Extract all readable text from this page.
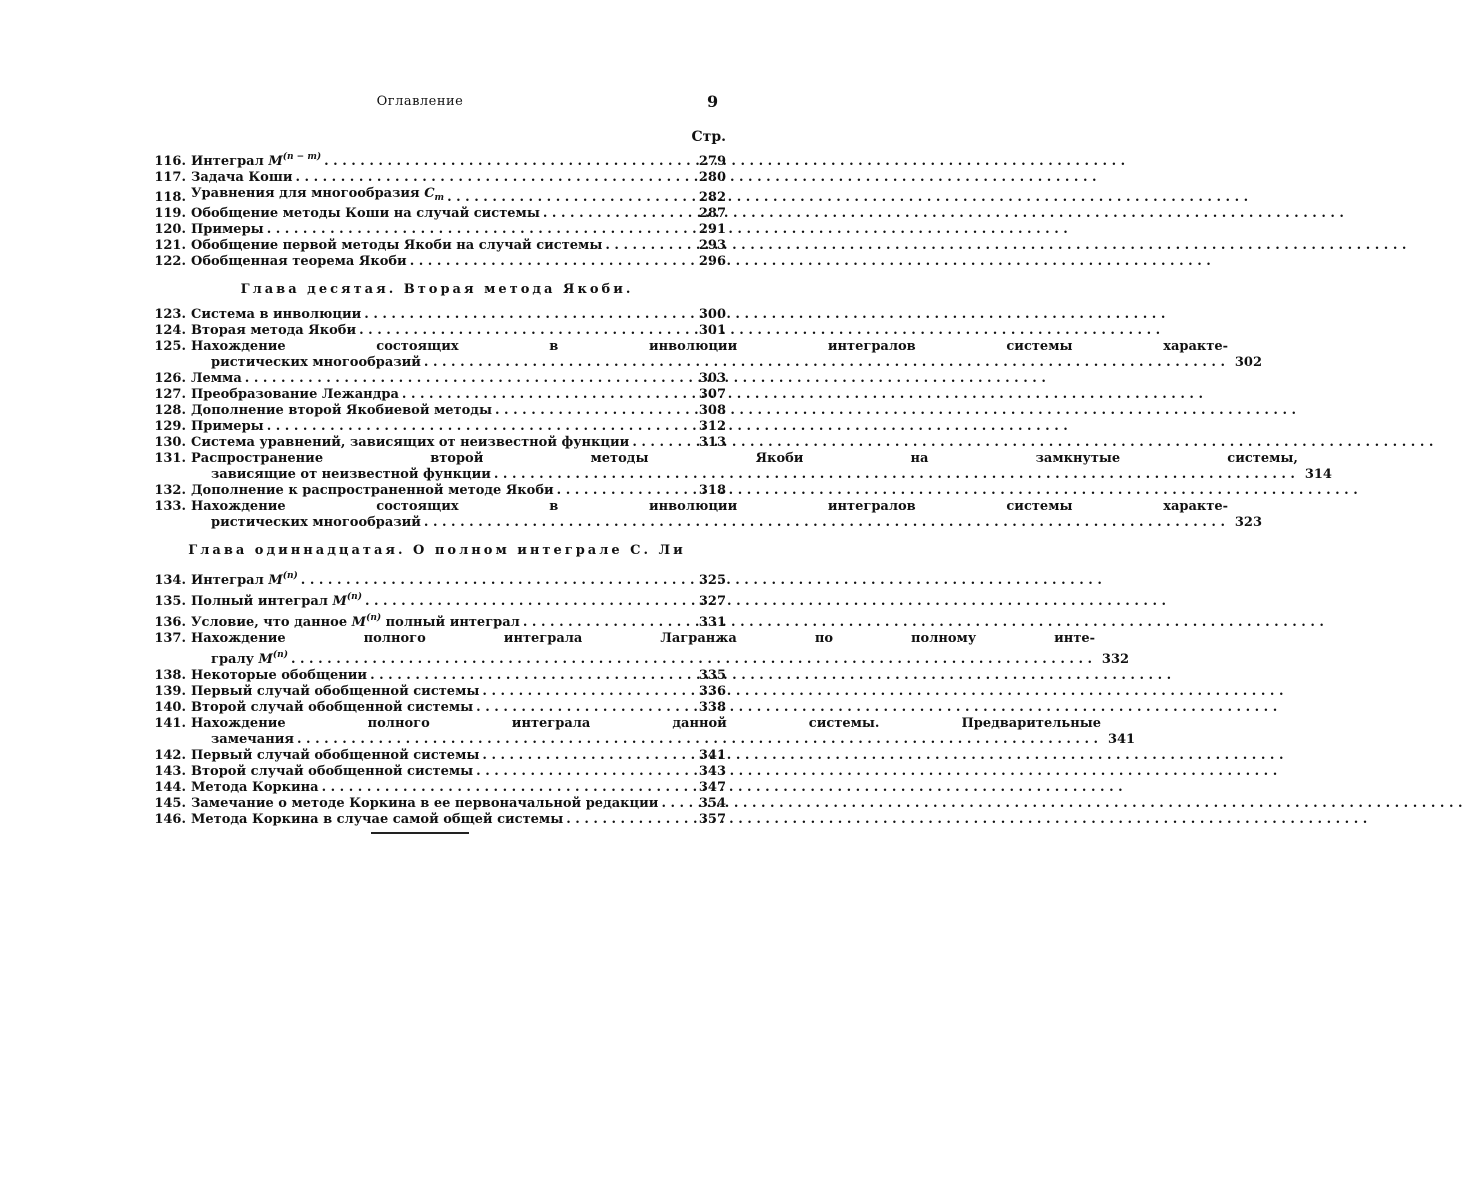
Оглавление	9
Стр.
116. Интеграл $M^{(n - m)}$ . . .	279
117. Задача Коши . . .	280
118. Уравнения для многообразия $C_m$ . . .	282
119. Обобщение методы Коши на случай системы . . .	287
120. Примеры . . .	291
121. Обобщение первой методы Якоби на случай системы . . .	293
122. Обобщенная теорема Якоби . . .	296
Глава десятая. Вторая метода Якоби.
123. Система в инволюции . . .	300
124. Вторая метода Якоби . . .	301
125. Нахождение состоящих в инволюции интегралов системы характе-
ристических многообразий . . .	302
126. Лемма . . .	303
127. Преобразование Лежандра . . .	307
128. Дополнение второй Якобиевой методы . . .	308
129. Примеры . . .	312
130. Система уравнений, зависящих от неизвестной функции . . .	313
131. Распространение второй методы Якоби на замкнутые системы,
зависящие от неизвестной функции . . .	314
132. Дополнение к распространенной методе Якоби . . .	318
133. Нахождение состоящих в инволюции интегралов системы характе-
ристических многообразий . . .	323
Глава одиннадцатая. О полном интеграле С. Ли
134. Интеграл $M^{(n)}$ . . .	325
135. Полный интеграл $M^{(n)}$ . . .	327
136. Условие, что данное $M^{(n)}$ полный интеграл . . .	331
137. Нахождение полного интеграла Лагранжа по полному инте-
гралу $M^{(n)}$ . . .	332
138. Некоторые обобщении . . .	335
139. Первый случай обобщенной системы . . .	336
140. Второй случай обобщенной системы . . .	338
141. Нахождение полного интеграла данной системы. Предварительные
замечания . . .	341
142. Первый случай обобщенной системы . . .	341
143. Второй случай обобщенной системы . . .	343
144. Метода Коркина . . .	347
145. Замечание о методе Коркина в ее первоначальной редакции . . .	354
146. Метода Коркина в случае самой общей системы . . .	357
